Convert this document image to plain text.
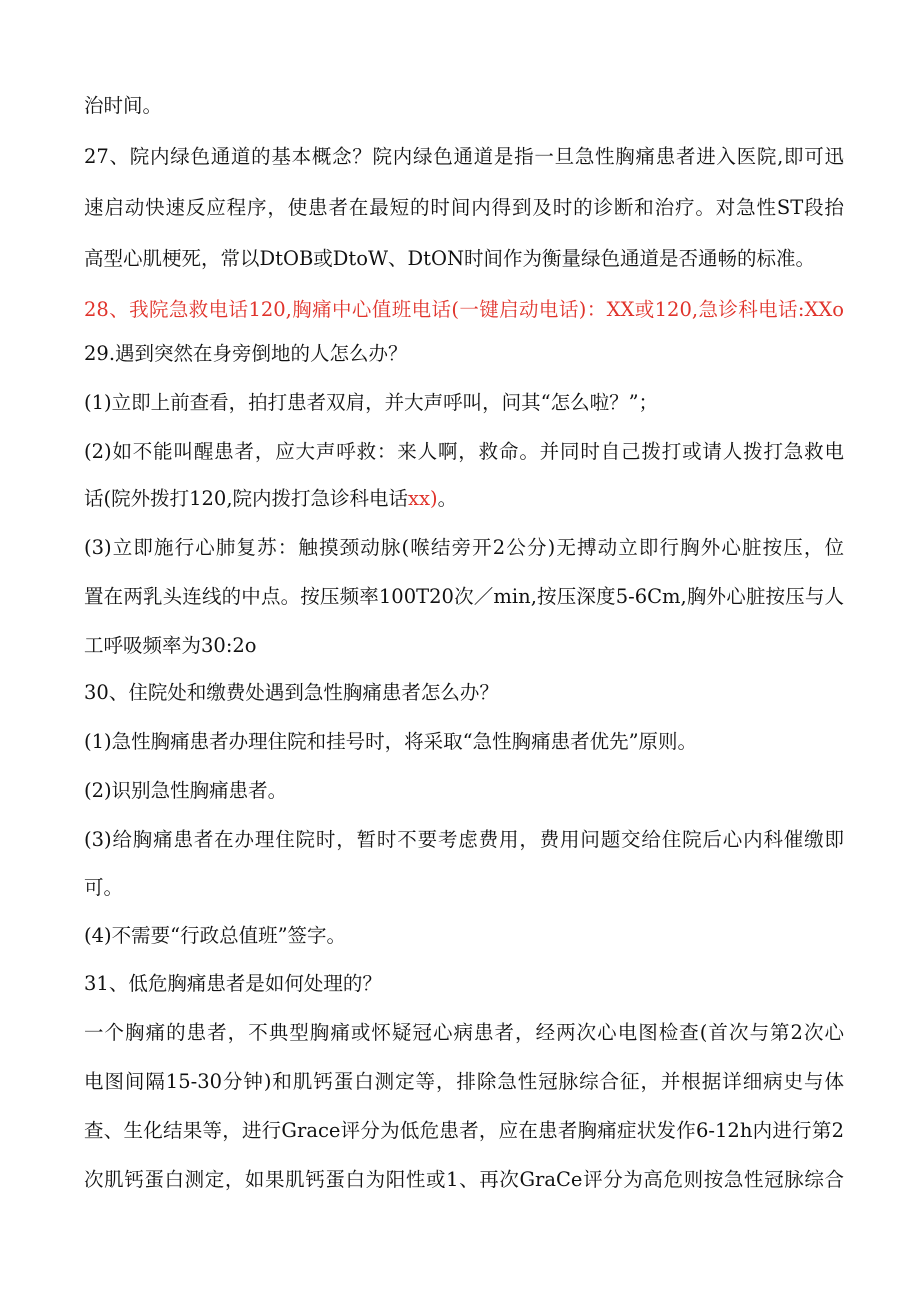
治时间。
27、院内绿色通道的基本概念？院内绿色通道是指一旦急性胸痛患者进入医院,即可迅
速启动快速反应程序，使患者在最短的时间内得到及时的诊断和治疗。对急性ST段抬
高型心肌梗死，常以DtOB或DtoW、DtON时间作为衡量绿色通道是否通畅的标准。
28、我院急救电话120,胸痛中心值班电话(一键启动电话)：XX或120,急诊科电话:XXo
29.遇到突然在身旁倒地的人怎么办？
(1)立即上前查看，拍打患者双肩，并大声呼叫，问其“怎么啦？”；
(2)如不能叫醒患者，应大声呼救：来人啊，救命。并同时自己拨打或请人拨打急救电
话(院外拨打120,院内拨打急诊科电话xx)。
(3)立即施行心肺复苏：触摸颈动脉(喉结旁开2公分)无搏动立即行胸外心脏按压，位
置在两乳头连线的中点。按压频率100T20次／min,按压深度5-6Cm,胸外心脏按压与人
工呼吸频率为30:2o
30、住院处和缴费处遇到急性胸痛患者怎么办？
(1)急性胸痛患者办理住院和挂号时，将采取“急性胸痛患者优先”原则。
(2)识别急性胸痛患者。
(3)给胸痛患者在办理住院时，暂时不要考虑费用，费用问题交给住院后心内科催缴即
可。
(4)不需要“行政总值班”签字。
31、低危胸痛患者是如何处理的？
一个胸痛的患者，不典型胸痛或怀疑冠心病患者，经两次心电图检查(首次与第2次心
电图间隔15-30分钟)和肌钙蛋白测定等，排除急性冠脉综合征，并根据详细病史与体
查、生化结果等，进行Grace评分为低危患者，应在患者胸痛症状发作6-12h内进行第2
次肌钙蛋白测定，如果肌钙蛋白为阳性或1、再次GraCe评分为高危则按急性冠脉综合
